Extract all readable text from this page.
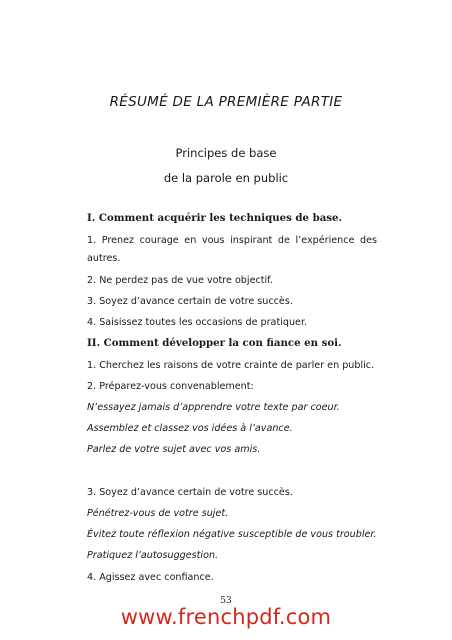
RÉSUMÉ DE LA PREMIÈRE PARTIE
Principes de base
de la parole en public
I. Comment acquérir les techniques de base.
1. Prenez courage en vous inspirant de l’expérience des
autres.
2. Ne perdez pas de vue votre objectif.
3. Soyez d’avance certain de votre succès.
4. Saisissez toutes les occasions de pratiquer.
II. Comment développer la con fiance en soi.
1. Cherchez les raisons de votre crainte de parler en public.
2. Préparez-vous convenablement:
N’essayez jamais d’apprendre votre texte par coeur.
Assemblez et classez vos idées à l’avance.
Parlez de votre sujet avec vos amis.
3. Soyez d’avance certain de votre succès.
Pénétrez-vous de votre sujet.
Évitez toute réflexion négative susceptible de vous troubler.
Pratiquez l’autosuggestion.
4. Agissez avec confiance.
53
www.frenchpdf.com
